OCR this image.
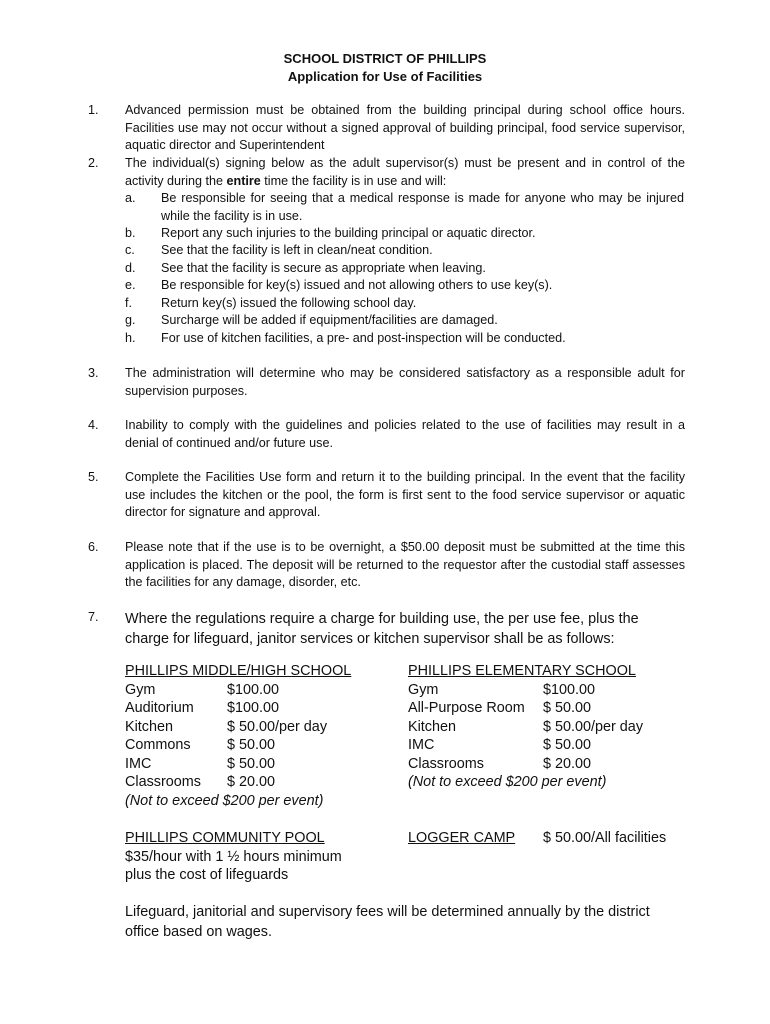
SCHOOL DISTRICT OF PHILLIPS
Application for Use of Facilities
1.	Advanced permission must be obtained from the building principal during school office hours. Facilities use may not occur without a signed approval of building principal, food service supervisor, aquatic director and Superintendent
2.	The individual(s) signing below as the adult supervisor(s) must be present and in control of the activity during the entire time the facility is in use and will:
a.	Be responsible for seeing that a medical response is made for anyone who may be injured while the facility is in use.
b.	Report any such injuries to the building principal or aquatic director.
c.	See that the facility is left in clean/neat condition.
d.	See that the facility is secure as appropriate when leaving.
e.	Be responsible for key(s) issued and not allowing others to use key(s).
f.	Return key(s) issued the following school day.
g.	Surcharge will be added if equipment/facilities are damaged.
h.	For use of kitchen facilities, a pre- and post-inspection will be conducted.
3.	The administration will determine who may be considered satisfactory as a responsible adult for supervision purposes.
4.	Inability to comply with the guidelines and policies related to the use of facilities may result in a denial of continued and/or future use.
5.	Complete the Facilities Use form and return it to the building principal. In the event that the facility use includes the kitchen or the pool, the form is first sent to the food service supervisor or aquatic director for signature and approval.
6.	Please note that if the use is to be overnight, a $50.00 deposit must be submitted at the time this application is placed. The deposit will be returned to the requestor after the custodial staff assesses the facilities for any damage, disorder, etc.
7.	Where the regulations require a charge for building use, the per use fee, plus the charge for lifeguard, janitor services or kitchen supervisor shall be as follows:
PHILLIPS MIDDLE/HIGH SCHOOL
Gym	$100.00
Auditorium $100.00
Kitchen	$ 50.00/per day
Commons	$ 50.00
IMC	$ 50.00
Classrooms $ 20.00
(Not to exceed $200 per event)
PHILLIPS ELEMENTARY SCHOOL
Gym	$100.00
All-Purpose Room $ 50.00
Kitchen	$ 50.00/per day
IMC	$ 50.00
Classrooms	$ 20.00
(Not to exceed $200 per event)
PHILLIPS COMMUNITY POOL
$35/hour with 1 ½ hours minimum
plus the cost of lifeguards
LOGGER CAMP $ 50.00/All facilities
Lifeguard, janitorial and supervisory fees will be determined annually by the district office based on wages.
